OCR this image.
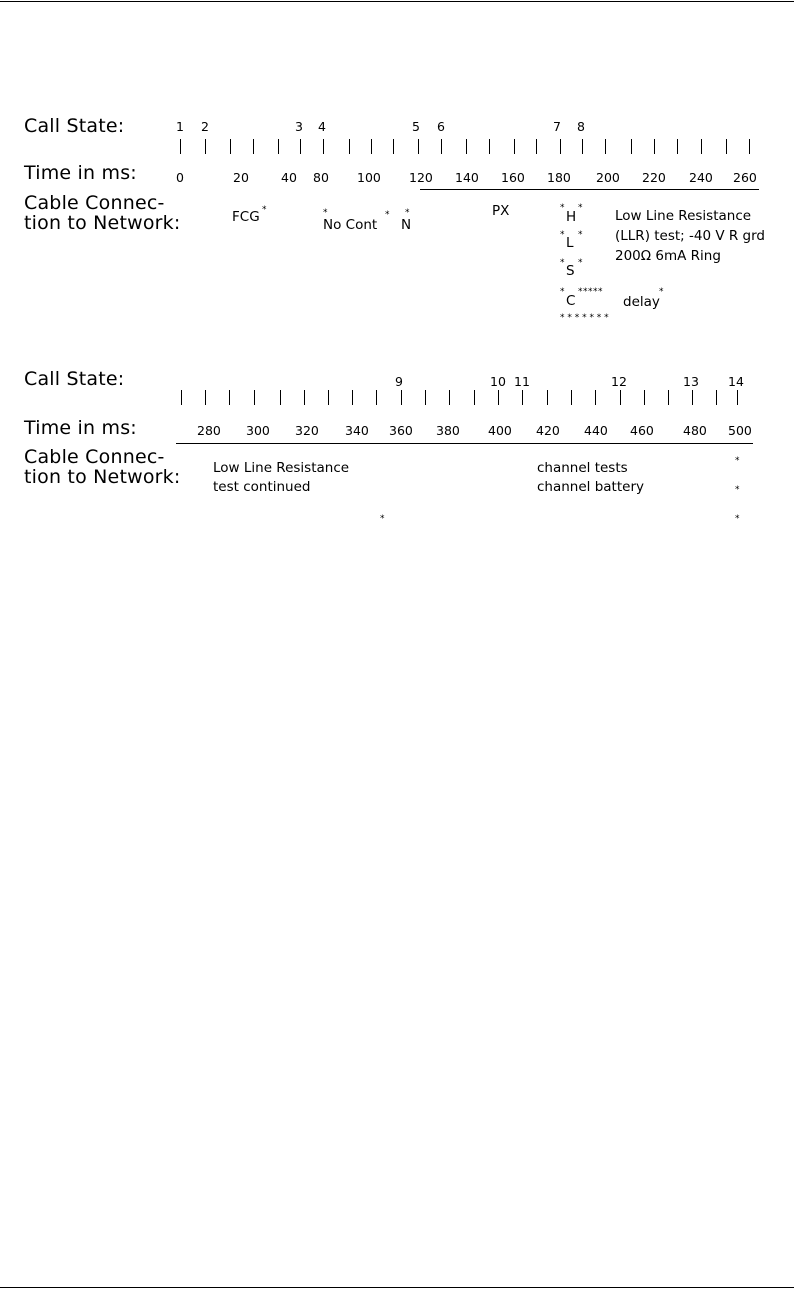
Call State:
Time in ms:
Cable Connec-
tion to Network:
1 2	3 4	5 6	7 8
0	20	40 80 100 120 140 160 180 200 220 240 260
FCG *	*
No Cont
* *
N
PX	*
H
*
* L *
* S *
*
C
*****
delay
*
* * * * * * *
Low Line Resistance
(LLR) test; -40 V R grd
200Ω 6mA Ring
Call State:
Time in ms:
Cable Connec-
tion to Network:
9	10 11	12	13 14
280 300 320 340 360 380 400 420 440 460 480 500
Low Line Resistance
test continued
channel tests
channel battery
*
*
*
*
